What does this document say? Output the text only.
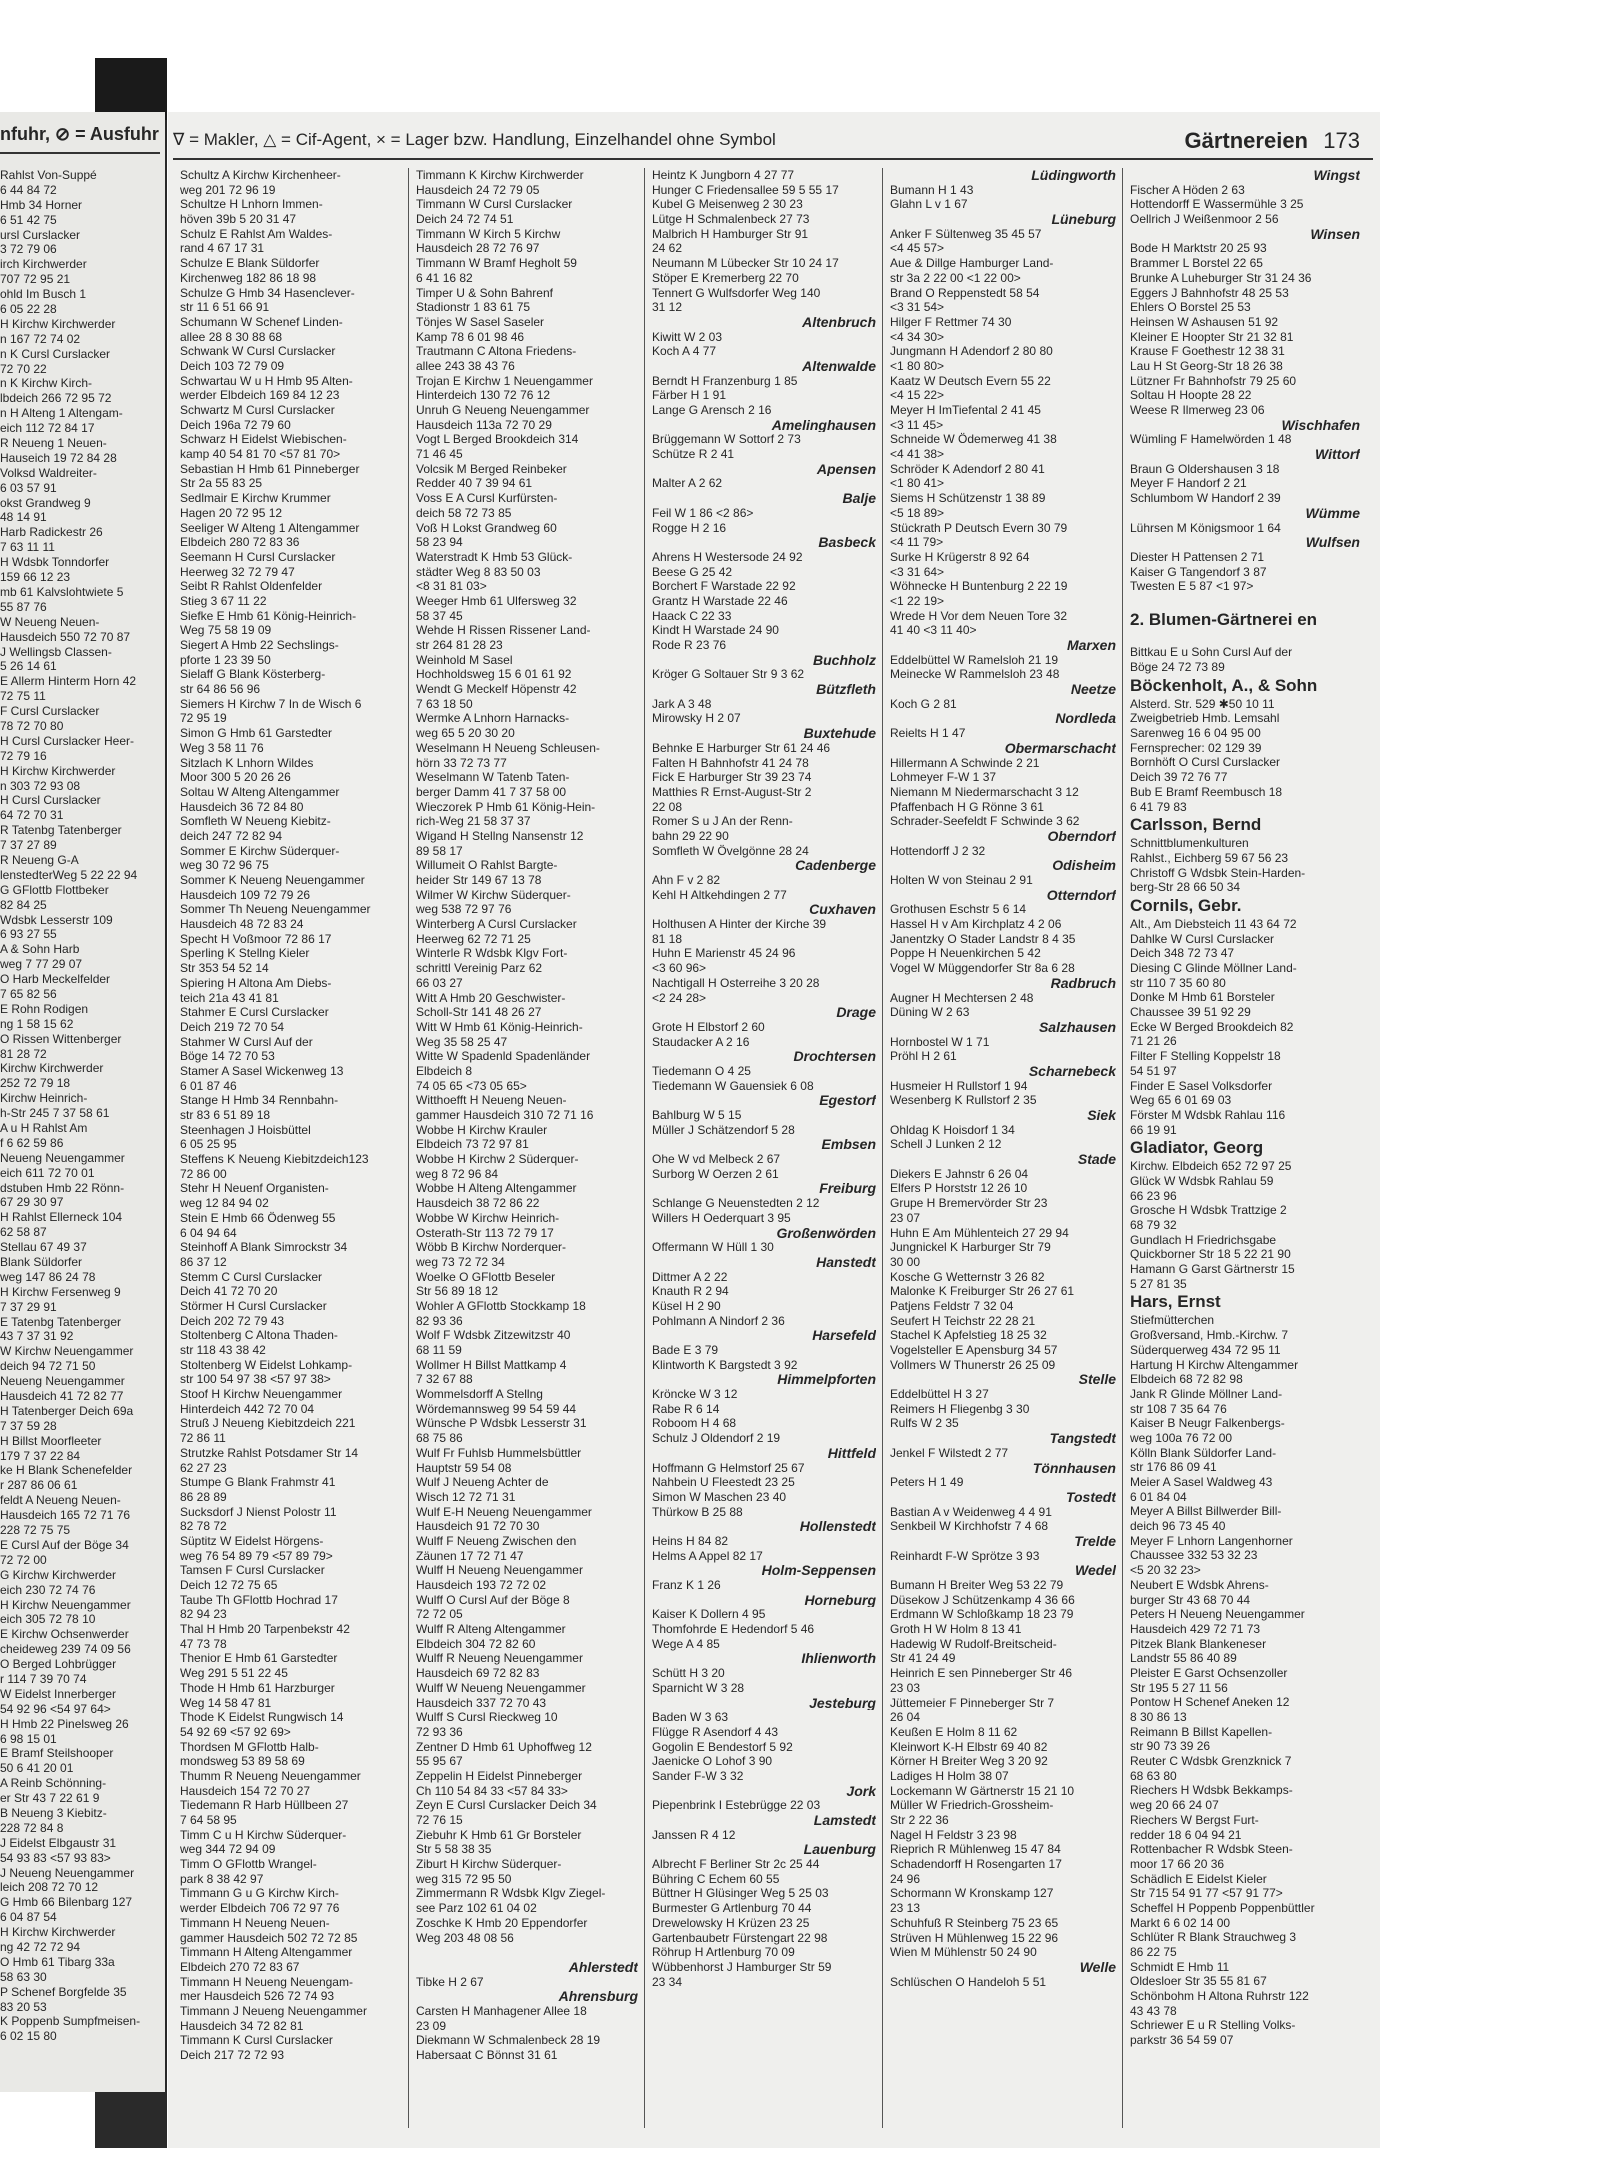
nfuhr, ⊘ = Ausfuhr
Rahlst Von-Suppé
6 44 84 72
Hmb 34 Horner
6 51 42 75
ursl Curslacker
3 72 79 06
irch Kirchwerder
707 72 95 21
ohld Im Busch 1
6 05 22 28
H Kirchw Kirchwerder
n 167 72 74 02
n K Cursl Curslacker
72 70 22
n K Kirchw Kirch-
lbdeich 266 72 95 72
n H Alteng 1 Altengam-
eich 112 72 84 17
R Neueng 1 Neuen-
Hauseich 19 72 84 28
Volksd Waldreiter-
6 03 57 91
okst Grandweg 9
48 14 91
Harb Radickestr 26
7 63 11 11
H Wdsbk Tonndorfer
159 66 12 23
mb 61 Kalvslohtwiete 5
55 87 76
W Neueng Neuen-
Hausdeich 550 72 70 87
J Wellingsb Classen-
5 26 14 61
E Allerm Hinterm Horn 42
72 75 11
F Cursl Curslacker
78 72 70 80
H Cursl Curslacker Heer-
72 79 16
H Kirchw Kirchwerder
n 303 72 93 08
H Cursl Curslacker
64 72 70 31
R Tatenbg Tatenberger
7 37 27 89
R Neueng G-A
lenstedterWeg 5 22 22 94
G GFlottb Flottbeker
82 84 25
Wdsbk Lesserstr 109
6 93 27 55
A & Sohn Harb
weg 7 77 29 07
O Harb Meckelfelder
7 65 82 56
E Rohn Rodigen
ng 1 58 15 62
O Rissen Wittenberger
81 28 72
Kirchw Kirchwerder
252 72 79 18
Kirchw Heinrich-
h-Str 245 7 37 58 61
A u H Rahlst Am
f 6 62 59 86
Neueng Neuengammer
eich 611 72 70 01
dstuben Hmb 22 Rönn-
67 29 30 97
H Rahlst Ellerneck 104
62 58 87
Stellau 67 49 37
Blank Süldorfer
weg 147 86 24 78
H Kirchw Fersenweg 9
7 37 29 91
E Tatenbg Tatenberger
43 7 37 31 92
W Kirchw Neuengammer
deich 94 72 71 50
Neueng Neuengammer
Hausdeich 41 72 82 77
H Tatenberger Deich 69a
7 37 59 28
H Billst Moorfleeter
179 7 37 22 84
ke H Blank Schenefelder
r 287 86 06 61
feldt A Neueng Neuen-
Hausdeich 165 72 71 76
228 72 75 75
E Cursl Auf der Böge 34
72 72 00
G Kirchw Kirchwerder
eich 230 72 74 76
H Kirchw Neuengammer
eich 305 72 78 10
E Kirchw Ochsenwerder
cheideweg 239 74 09 56
O Berged Lohbrügger
r 114 7 39 70 74
W Eidelst Innerberger
54 92 96 <54 97 64>
H Hmb 22 Pinelsweg 26
6 98 15 01
E Bramf Steilshooper
50 6 41 20 01
A Reinb Schönning-
er Str 43 7 22 61 9
B Neueng 3 Kiebitz-
228 72 84 8
J Eidelst Elbgaustr 31
54 93 83 <57 93 83>
J Neueng Neuengammer
leich 208 72 70 12
G Hmb 66 Bilenbarg 127
6 04 87 54
H Kirchw Kirchwerder
ng 42 72 72 94
O Hmb 61 Tibarg 33a
58 63 30
P Schenef Borgfelde 35
83 20 53
K Poppenb Sumpfmeisen-
6 02 15 80
∇ = Makler, △ = Cif-Agent, × = Lager bzw. Handlung, Einzelhandel ohne Symbol	Gärtnereien 173
Schultz A Kirchw Kirchenheer-
weg 201 72 96 19
Schultze H Lnhorn Immen-
höven 39b 5 20 31 47
Schulz E Rahlst Am Waldes-
rand 4 67 17 31
Schulze E Blank Süldorfer
Kirchenweg 182 86 18 98
Schulze G Hmb 34 Hasenclever-
str 11 6 51 66 91
Schumann W Schenef Linden-
allee 28 8 30 88 68
Schwank W Cursl Curslacker
Deich 103 72 79 09
Schwartau W u H Hmb 95 Alten-
werder Elbdeich 169 84 12 23
Schwartz M Cursl Curslacker
Deich 196a 72 79 60
Schwarz H Eidelst Wiebischen-
kamp 40 54 81 70 <57 81 70>
Sebastian H Hmb 61 Pinneberger
Str 2a 55 83 25
Sedlmair E Kirchw Krummer
Hagen 20 72 95 12
Seeliger W Alteng 1 Altengammer
Elbdeich 280 72 83 36
Seemann H Cursl Curslacker
Heerweg 32 72 79 47
Seibt R Rahlst Oldenfelder
Stieg 3 67 11 22
Siefke E Hmb 61 König-Heinrich-
Weg 75 58 19 09
Siegert A Hmb 22 Sechslings-
pforte 1 23 39 50
Sielaff G Blank Kösterberg-
str 64 86 56 96
Siemers H Kirchw 7 In de Wisch 6
72 95 19
Simon G Hmb 61 Garstedter
Weg 3 58 11 76
Sitzlach K Lnhorn Wildes
Moor 300 5 20 26 26
Soltau W Alteng Altengammer
Hausdeich 36 72 84 80
Somfleth W Neueng Kiebitz-
deich 247 72 82 94
Sommer E Kirchw Süderquer-
weg 30 72 96 75
Sommer K Neueng Neuengammer
Hausdeich 109 72 79 26
Sommer Th Neueng Neuengammer
Hausdeich 48 72 83 24
Specht H Voßmoor 72 86 17
Sperling K Stellng Kieler
Str 353 54 52 14
Spiering H Altona Am Diebs-
teich 21a 43 41 81
Stahmer E Cursl Curslacker
Deich 219 72 70 54
Stahmer W Cursl Auf der
Böge 14 72 70 53
Stamer A Sasel Wickenweg 13
6 01 87 46
Stange H Hmb 34 Rennbahn-
str 83 6 51 89 18
Steenhagen J Hoisbüttel
6 05 25 95
Steffens K Neueng Kiebitzdeich123
72 86 00
Stehr H Neuenf Organisten-
weg 12 84 94 02
Stein E Hmb 66 Ödenweg 55
6 04 94 64
Steinhoff A Blank Simrockstr 34
86 37 12
Stemm C Cursl Curslacker
Deich 41 72 70 20
Störmer H Cursl Curslacker
Deich 202 72 79 43
Stoltenberg C Altona Thaden-
str 118 43 38 42
Stoltenberg W Eidelst Lohkamp-
str 100 54 97 38 <57 97 38>
Stoof H Kirchw Neuengammer
Hinterdeich 442 72 70 04
Struß J Neueng Kiebitzdeich 221
72 86 11
Strutzke Rahlst Potsdamer Str 14
62 27 23
Stumpe G Blank Frahmstr 41
86 28 89
Sucksdorf J Nienst Polostr 11
82 78 72
Süptitz W Eidelst Hörgens-
weg 76 54 89 79 <57 89 79>
Tamsen F Cursl Curslacker
Deich 12 72 75 65
Taube Th GFlottb Hochrad 17
82 94 23
Thal H Hmb 20 Tarpenbekstr 42
47 73 78
Thenior E Hmb 61 Garstedter
Weg 291 5 51 22 45
Thode H Hmb 61 Harzburger
Weg 14 58 47 81
Thode K Eidelst Rungwisch 14
54 92 69 <57 92 69>
Thordsen M GFlottb Halb-
mondsweg 53 89 58 69
Thumm R Neueng Neuengammer
Hausdeich 154 72 70 27
Tiedemann R Harb Hüllbeen 27
7 64 58 95
Timm C u H Kirchw Süderquer-
weg 344 72 94 09
Timm O GFlottb Wrangel-
park 8 38 42 97
Timmann G u G Kirchw Kirch-
werder Elbdeich 706 72 97 76
Timmann H Neueng Neuen-
gammer Hausdeich 502 72 72 85
Timmann H Alteng Altengammer
Elbdeich 270 72 83 67
Timmann H Neueng Neuengam-
mer Hausdeich 526 72 74 93
Timmann J Neueng Neuengammer
Hausdeich 34 72 82 81
Timmann K Cursl Curslacker
Deich 217 72 72 93
Timmann K Kirchw Kirchwerder
Hausdeich 24 72 79 05
Timmann W Cursl Curslacker
Deich 24 72 74 51
Timmann W Kirch 5 Kirchw
Hausdeich 28 72 76 97
Timmann W Bramf Hegholt 59
6 41 16 82
Timper U & Sohn Bahrenf
Stadionstr 1 83 61 75
Tönjes W Sasel Saseler
Kamp 78 6 01 98 46
Trautmann C Altona Friedens-
allee 243 38 43 76
Trojan E Kirchw 1 Neuengammer
Hinterdeich 130 72 76 12
Unruh G Neueng Neuengammer
Hausdeich 113a 72 70 29
Vogt L Berged Brookdeich 314
71 46 45
Volcsik M Berged Reinbeker
Redder 40 7 39 94 61
Voss E A Cursl Kurfürsten-
deich 58 72 73 85
Voß H Lokst Grandweg 60
58 23 94
Waterstradt K Hmb 53 Glück-
städter Weg 8 83 50 03
<8 31 81 03>
Weeger Hmb 61 Ulfersweg 32
58 37 45
Wehde H Rissen Rissener Land-
str 264 81 28 23
Weinhold M Sasel
Hochholdsweg 15 6 01 61 92
Wendt G Meckelf Höpenstr 42
7 63 18 50
Wermke A Lnhorn Harnacks-
weg 65 5 20 30 20
Weselmann H Neueng Schleusen-
hörn 33 72 73 77
Weselmann W Tatenb Taten-
berger Damm 41 7 37 58 00
Wieczorek P Hmb 61 König-Hein-
rich-Weg 21 58 37 37
Wigand H Stellng Nansenstr 12
89 58 17
Willumeit O Rahlst Bargte-
heider Str 149 67 13 78
Wilmer W Kirchw Süderquer-
weg 538 72 97 76
Winterberg A Cursl Curslacker
Heerweg 62 72 71 25
Winterle R Wdsbk Klgv Fort-
schrittl Vereinig Parz 62
66 03 27
Witt A Hmb 20 Geschwister-
Scholl-Str 141 48 26 27
Witt W Hmb 61 König-Heinrich-
Weg 35 58 25 47
Witte W Spadenld Spadenländer
Elbdeich 8
74 05 65 <73 05 65>
Witthoefft H Neueng Neuen-
gammer Hausdeich 310 72 71 16
Wobbe H Kirchw Krauler
Elbdeich 73 72 97 81
Wobbe H Kirchw 2 Süderquer-
weg 8 72 96 84
Wobbe H Alteng Altengammer
Hausdeich 38 72 86 22
Wobbe W Kirchw Heinrich-
Osterath-Str 113 72 79 17
Wöbb B Kirchw Norderquer-
weg 73 72 72 34
Woelke O GFlottb Beseler
Str 56 89 18 12
Wohler A GFlottb Stockkamp 18
82 93 36
Wolf F Wdsbk Zitzewitzstr 40
68 11 59
Wollmer H Billst Mattkamp 4
7 32 67 88
Wommelsdorff A Stellng
Wördemannsweg 99 54 59 44
Wünsche P Wdsbk Lesserstr 31
68 75 86
Wulf Fr Fuhlsb Hummelsbüttler
Hauptstr 59 54 08
Wulf J Neueng Achter de
Wisch 12 72 71 31
Wulf E-H Neueng Neuengammer
Hausdeich 91 72 70 30
Wulff F Neueng Zwischen den
Zäunen 17 72 71 47
Wulff H Neueng Neuengammer
Hausdeich 193 72 72 02
Wulff O Cursl Auf der Böge 8
72 72 05
Wulff R Alteng Altengammer
Elbdeich 304 72 82 60
Wulff R Neueng Neuengammer
Hausdeich 69 72 82 83
Wulff W Neueng Neuengammer
Hausdeich 337 72 70 43
Wulff S Cursl Rieckweg 10
72 93 36
Zentner D Hmb 61 Uphoffweg 12
55 95 67
Zeppelin H Eidelst Pinneberger
Ch 110 54 84 33 <57 84 33>
Zeyn E Cursl Curslacker Deich 34
72 76 15
Ziebuhr K Hmb 61 Gr Borsteler
Str 5 58 38 35
Ziburt H Kirchw Süderquer-
weg 315 72 95 50
Zimmermann R Wdsbk Klgv Ziegel-
see Parz 102 61 04 02
Zoschke K Hmb 20 Eppendorfer
Weg 203 48 08 56
Ahlerstedt
Tibke H 2 67
Ahrensburg
Carsten H Manhagener Allee 18
23 09
Diekmann W Schmalenbeck 28 19
Habersaat C Bönnst 31 61
Heintz K Jungborn 4 27 77
Hunger C Friedensallee 59 5 55 17
Kubel G Meisenweg 2 30 23
Lütge H Schmalenbeck 27 73
Malbrich H Hamburger Str 91
24 62
Neumann M Lübecker Str 10 24 17
Stöper E Kremerberg 22 70
Tennert G Wulfsdorfer Weg 140
31 12
Altenbruch
Kiwitt W 2 03
Koch A 4 77
Altenwalde
Berndt H Franzenburg 1 85
Färber H 1 91
Lange G Arensch 2 16
Amelinghausen
Brüggemann W Sottorf 2 73
Schütze R 2 41
Apensen
Malter A 2 62
Balje
Feil W 1 86 <2 86>
Rogge H 2 16
Basbeck
Ahrens H Westersode 24 92
Beese G 25 42
Borchert F Warstade 22 92
Grantz H Warstade 22 46
Haack C 22 33
Kindt H Warstade 24 90
Rode R 23 76
Buchholz
Kröger G Soltauer Str 9 3 62
Bützfleth
Jark A 3 48
Mirowsky H 2 07
Buxtehude
Behnke E Harburger Str 61 24 46
Falten H Bahnhofstr 41 24 78
Fick E Harburger Str 39 23 74
Matthies R Ernst-August-Str 2
22 08
Romer S u J An der Renn-
bahn 29 22 90
Somfleth W Övelgönne 28 24
Cadenberge
Ahn F v 2 82
Kehl H Altkehdingen 2 77
Cuxhaven
Holthusen A Hinter der Kirche 39
81 18
Huhn E Marienstr 45 24 96
<3 60 96>
Nachtigall H Osterreihe 3 20 28
<2 24 28>
Drage
Grote H Elbstorf 2 60
Staudacker A 2 16
Drochtersen
Tiedemann O 4 25
Tiedemann W Gauensiek 6 08
Egestorf
Bahlburg W 5 15
Müller J Schätzendorf 5 28
Embsen
Ohe W vd Melbeck 2 67
Surborg W Oerzen 2 61
Freiburg
Schlange G Neuenstedten 2 12
Willers H Oederquart 3 95
Großenwörden
Offermann W Hüll 1 30
Hanstedt
Dittmer A 2 22
Knauth R 2 94
Küsel H 2 90
Pohlmann A Nindorf 2 36
Harsefeld
Bade E 3 79
Klintworth K Bargstedt 3 92
Himmelpforten
Kröncke W 3 12
Rabe R 6 14
Roboom H 4 68
Schulz J Oldendorf 2 19
Hittfeld
Hoffmann G Helmstorf 25 67
Nahbein U Fleestedt 23 25
Simon W Maschen 23 40
Thürkow B 25 88
Hollenstedt
Heins H 84 82
Helms A Appel 82 17
Holm-Seppensen
Franz K 1 26
Horneburg
Kaiser K Dollern 4 95
Thomfohrde E Hedendorf 5 46
Wege A 4 85
Ihlienworth
Schütt H 3 20
Sparnicht W 3 28
Jesteburg
Baden W 3 63
Flügge R Asendorf 4 43
Gogolin E Bendestorf 5 92
Jaenicke O Lohof 3 90
Sander F-W 3 32
Jork
Piepenbrink I Estebrügge 22 03
Lamstedt
Janssen R 4 12
Lauenburg
Albrecht F Berliner Str 2c 25 44
Bühring C Echem 60 55
Büttner H Glüsinger Weg 5 25 03
Burmester G Artlenburg 70 44
Drewelowsky H Krüzen 23 25
Gartenbaubetr Fürstengart 22 98
Röhrup H Artlenburg 70 09
Wübbenhorst J Hamburger Str 59
23 34
Lüdingworth
Bumann H 1 43
Glahn L v 1 67
Lüneburg
Anker F Sültenweg 35 45 57
<4 45 57>
Aue & Dillge Hamburger Land-
str 3a 2 22 00 <1 22 00>
Brand O Reppenstedt 58 54
<3 31 54>
Hilger F Rettmer 74 30
<4 34 30>
Jungmann H Adendorf 2 80 80
<1 80 80>
Kaatz W Deutsch Evern 55 22
<4 15 22>
Meyer H ImTiefental 2 41 45
<3 11 45>
Schneide W Ödemerweg 41 38
<4 41 38>
Schröder K Adendorf 2 80 41
<1 80 41>
Siems H Schützenstr 1 38 89
<5 18 89>
Stückrath P Deutsch Evern 30 79
<4 11 79>
Surke H Krügerstr 8 92 64
<3 31 64>
Wöhnecke H Buntenburg 2 22 19
<1 22 19>
Wrede H Vor dem Neuen Tore 32
41 40 <3 11 40>
Marxen
Eddelbüttel W Ramelsloh 21 19
Meinecke W Rammelsloh 23 48
Neetze
Koch G 2 81
Nordleda
Reielts H 1 47
Obermarschacht
Hillermann A Schwinde 2 21
Lohmeyer F-W 1 37
Niemann M Niedermarschacht 3 12
Pfaffenbach H G Rönne 3 61
Schrader-Seefeldt F Schwinde 3 62
Oberndorf
Hottendorff J 2 32
Odisheim
Holten W von Steinau 2 91
Otterndorf
Grothusen Eschstr 5 6 14
Hassel H v Am Kirchplatz 4 2 06
Janentzky O Stader Landstr 8 4 35
Poppe H Neuenkirchen 5 42
Vogel W Müggendorfer Str 8a 6 28
Radbruch
Augner H Mechtersen 2 48
Düning W 2 63
Salzhausen
Hornbostel W 1 71
Pröhl H 2 61
Scharnebeck
Husmeier H Rullstorf 1 94
Wesenberg K Rullstorf 2 35
Siek
Ohldag K Hoisdorf 1 34
Schell J Lunken 2 12
Stade
Diekers E Jahnstr 6 26 04
Elfers P Horststr 12 26 10
Grupe H Bremervörder Str 23
23 07
Huhn E Am Mühlenteich 27 29 94
Jungnickel K Harburger Str 79
30 00
Kosche G Wetternstr 3 26 82
Malonke K Freiburger Str 26 27 61
Patjens Feldstr 7 32 04
Seufert H Teichstr 22 28 21
Stachel K Apfelstieg 18 25 32
Vogelsteller E Apensburg 34 57
Vollmers W Thunerstr 26 25 09
Stelle
Eddelbüttel H 3 27
Reimers H Fliegenbg 3 30
Rulfs W 2 35
Tangstedt
Jenkel F Wilstedt 2 77
Tönnhausen
Peters H 1 49
Tostedt
Bastian A v Weidenweg 4 4 91
Senkbeil W Kirchhofstr 7 4 68
Trelde
Reinhardt F-W Sprötze 3 93
Wedel
Bumann H Breiter Weg 53 22 79
Düsekow J Schützenkamp 4 36 66
Erdmann W Schloßkamp 18 23 79
Groth H W Holm 8 13 41
Hadewig W Rudolf-Breitscheid-
Str 41 24 49
Heinrich E sen Pinneberger Str 46
23 03
Jüttemeier F Pinneberger Str 7
26 04
Keußen E Holm 8 11 62
Kleinwort K-H Elbstr 69 40 82
Körner H Breiter Weg 3 20 92
Ladiges H Holm 38 07
Lockemann W Gärtnerstr 15 21 10
Müller W Friedrich-Grossheim-
Str 2 22 36
Nagel H Feldstr 3 23 98
Rieprich R Mühlenweg 15 47 84
Schadendorff H Rosengarten 17
24 96
Schormann W Kronskamp 127
23 13
Schuhfuß R Steinberg 75 23 65
Strüven H Mühlenweg 15 22 96
Wien M Mühlenstr 50 24 90
Welle
Schlüschen O Handeloh 5 51
Wingst
Fischer A Höden 2 63
Hottendorff E Wassermühle 3 25
Oellrich J Weißenmoor 2 56
Winsen
Bode H Marktstr 20 25 93
Brammer L Borstel 22 65
Brunke A Luheburger Str 31 24 36
Eggers J Bahnhofstr 48 25 53
Ehlers O Borstel 25 53
Heinsen W Ashausen 51 92
Kleiner E Hoopter Str 21 32 81
Krause F Goethestr 12 38 31
Lau H St Georg-Str 18 26 38
Lützner Fr Bahnhofstr 79 25 60
Soltau H Hoopte 28 22
Weese R Ilmerweg 23 06
Wischhafen
Wümling F Hamelwörden 1 48
Wittorf
Braun G Oldershausen 3 18
Meyer F Handorf 2 21
Schlumbom W Handorf 2 39
Wümme
Lührsen M Königsmoor 1 64
Wulfsen
Diester H Pattensen 2 71
Kaiser G Tangendorf 3 87
Twesten E 5 87 <1 97>
2. Blumen-Gärtnerei en
Bittkau E u Sohn Cursl Auf der
Böge 24 72 73 89
Böckenholt, A., & Sohn
Alsterd. Str. 529 ✱50 10 11
Zweigbetrieb Hmb. Lemsahl
Sarenweg 16 6 04 95 00
Fernsprecher: 02 129 39
Bornhöft O Cursl Curslacker
Deich 39 72 76 77
Bub E Bramf Reembusch 18
6 41 79 83
Carlsson, Bernd
Schnittblumenkulturen
Rahlst., Eichberg 59 67 56 23
Christoff G Wdsbk Stein-Harden-
berg-Str 28 66 50 34
Cornils, Gebr.
Alt., Am Diebsteich 11 43 64 72
Dahlke W Cursl Curslacker
Deich 348 72 73 47
Diesing C Glinde Möllner Land-
str 110 7 35 60 80
Donke M Hmb 61 Borsteler
Chaussee 39 51 92 29
Ecke W Berged Brookdeich 82
71 21 26
Filter F Stelling Koppelstr 18
54 51 97
Finder E Sasel Volksdorfer
Weg 65 6 01 69 03
Förster M Wdsbk Rahlau 116
66 19 91
Gladiator, Georg
Kirchw. Elbdeich 652 72 97 25
Glück W Wdsbk Rahlau 59
66 23 96
Grosche H Wdsbk Trattzige 2
68 79 32
Gundlach H Friedrichsgabe
Quickborner Str 18 5 22 21 90
Hamann G Garst Gärtnerstr 15
5 27 81 35
Hars, Ernst
Stiefmütterchen
Großversand, Hmb.-Kirchw. 7
Süderquerweg 434 72 95 11
Hartung H Kirchw Altengammer
Elbdeich 68 72 82 98
Jank R Glinde Möllner Land-
str 108 7 35 64 76
Kaiser B Neugr Falkenbergs-
weg 100a 76 72 00
Kölln Blank Süldorfer Land-
str 176 86 09 41
Meier A Sasel Waldweg 43
6 01 84 04
Meyer A Billst Billwerder Bill-
deich 96 73 45 40
Meyer F Lnhorn Langenhorner
Chaussee 332 53 32 23
<5 20 32 23>
Neubert E Wdsbk Ahrens-
burger Str 43 68 70 44
Peters H Neueng Neuengammer
Hausdeich 429 72 71 73
Pitzek Blank Blankeneser
Landstr 55 86 40 89
Pleister E Garst Ochsenzoller
Str 195 5 27 11 56
Pontow H Schenef Aneken 12
8 30 86 13
Reimann B Billst Kapellen-
str 90 73 39 26
Reuter C Wdsbk Grenzknick 7
68 63 80
Riechers H Wdsbk Bekkamps-
weg 20 66 24 07
Riechers W Bergst Furt-
redder 18 6 04 94 21
Rottenbacher R Wdsbk Steen-
moor 17 66 20 36
Schädlich E Eidelst Kieler
Str 715 54 91 77 <57 91 77>
Scheffel H Poppenb Poppenbüttler
Markt 6 6 02 14 00
Schlüter R Blank Strauchweg 3
86 22 75
Schmidt E Hmb 11
Oldesloer Str 35 55 81 67
Schönbohm H Altona Ruhrstr 122
43 43 78
Schriewer E u R Stelling Volks-
parkstr 36 54 59 07
